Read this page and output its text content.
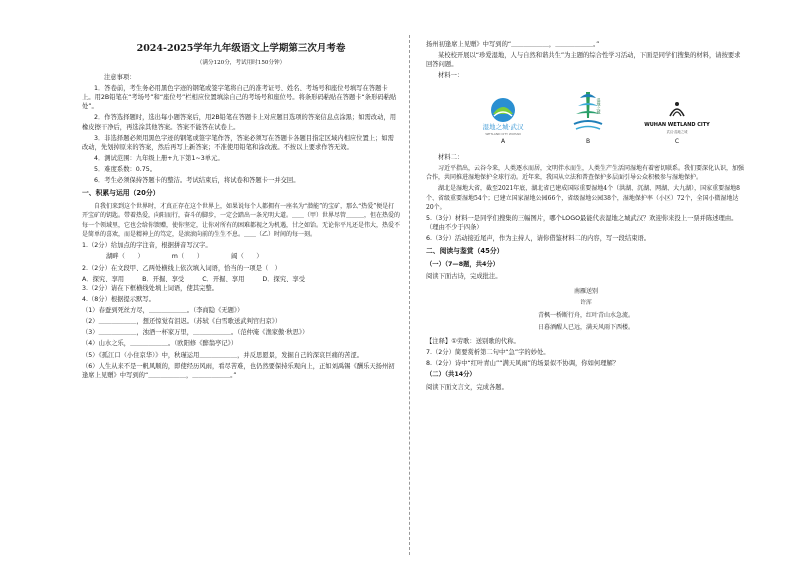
2024-2025学年九年级语文上学期第三次月考卷
（满分120分，考试用时150分钟）
注意事项：

1．答卷前，考生务必用黑色字迹的钢笔或签字笔将自己的准考证号、姓名、考场号和座位号填写在答题卡上。用2B铅笔在“考场号”和“座位号”栏相应位置填涂自己的考场号和座位号。将条形码粘贴在答题卡“条形码粘贴处”。

2．作答选择题时，选出每小题答案后，用2B铅笔在答题卡上对应题目选项的答案信息点涂黑；如需改动，用橡皮擦干净后，再选涂其他答案。答案不能答在试卷上。

3．非选择题必须用黑色字迹的钢笔或签字笔作答，答案必须写在答题卡各题目指定区域内相应位置上；如需改动，先划掉原来的答案，然后再写上新答案；不准使用铅笔和涂改液。不按以上要求作答无效。

4．测试范围：九年级上册+九下第1~3单元。

5．难度系数：0.75。

6．考生必须保持答题卡的整洁。考试结束后，将试卷和答题卡一并交回。

一、积累与运用（20分）

自我们来到这个世界时，才真正存在这个世界上，如果说每个人都拥有一座名为“潜能”的宝矿，那么“热爱”便是打开宝矿的钥匙。带着热爱，向阳而行，奋斗的脚步，一定会踏出一条光明大道。＿＿（甲）世界尽管＿＿＿，但在热爱的每一个领域里，它也会给你馈赠，使你坚定，让你对所有的困难都视之为机遇，甘之如饴。无论你平凡还是伟大，热爱不是简单的喜欢，而是精神上的笃定，是滚滚向前的生生不息。＿＿（乙）时间的每一刻。

1.（2分）给加点的字注音，根据拼音写汉字。

湖畔（　　）	m（　　）	阔（　　）

2.（2分）在文段甲、乙两处横线上依次填入词语，恰当的一项是（　）

A．探究、享用	B．开掘、享受	C．开掘、享用	D．探究、享受

3.（2分）请在下框横线处填上词语，使其完整。

4.（8分）根据提示默写。

（1）春蚕到死丝方尽，＿＿＿＿＿＿。（李商隐《无题》）

（2）＿＿＿＿＿＿，想还惊觉有泪迟。（苏轼《白雪歌送武判官归京》）

（3）＿＿＿＿＿＿，浊酒一杯家万里，＿＿＿＿＿＿。（范仲淹《渔家傲·秋思》）

（4）山水之乐，＿＿＿＿＿＿。（欧阳修《醉翁亭记》）

（5）《孤江口（小住京华）》中，秋瑾运用＿＿＿＿＿＿，并反思愿景，发掘自己的深哀巨痛的苦涩。

（6）人生从来不是一帆风顺的，即使经历风雨，看尽苦难，也仍然要保持乐观向上，正如刘禹锡《酬乐天扬州初逢席上见赠》中写到的“＿＿＿＿＿＿，＿＿＿＿＿＿。”

扬州初逢席上见赠》中写到的“＿＿＿＿＿＿，＿＿＿＿＿＿。”

某校校开展以“珍爱湿地，人与自然和谐共生”为主题的综合性学习活动，下面是同学们搜集的材料，请按要求回答问题。

材料一：

湿地之城·武汉
WETLAND CITY WUHAN
A
湿地之城
B
WUHAN WETLAND CITY
武汉·湿地之城
C

材料二：

习近平指出，云谷今来，人类逐水而居，文明伴水而生，人类生产生活同湿地有着密切联系。我们要深化认识，加强合作，共同推进湿地保护全球行动。近年来，我国从立法和普查保护多层面引导公众积极参与湿地保护。

湖北是湿地大省，截至2021年底，湖北省已建成国际重要湿地4个（洪湖、沉湖、网湖、大九湖），国家重要湿地8个、省级重要湿地54个；已建立国家湿地公园66个，省级湿地公园38个，湿地保护率（小区）72个，全国小微湿地达20个。

5.（3分）材料一是同学们搜集的三幅图片，哪个LOGO最能代表湿地之城武汉？欢迎你来投上一票并陈述理由。（理由不少于四条）

6.（3分）活动接近尾声，作为主持人，请你借鉴材料二的内容，写一段结束语。

二、阅读与鉴赏（45分）
（一）（7—8题，共4分）

阅读下面古诗，完成批注。

南雁送别
许浑
青枫一桥断行舟，红叶青山水急流。
日暮酒醒人已远，满天风雨下西楼。

【注释】①劳歌：送别歌的代称。

7.（2分）简要赏析第二句中“急”字的妙处。

8.（2分）诗中“红叶青山”“满天风雨”的场景似不协调，你如何理解？

（二）（共14分）

阅读下面文言文，完成各题。
